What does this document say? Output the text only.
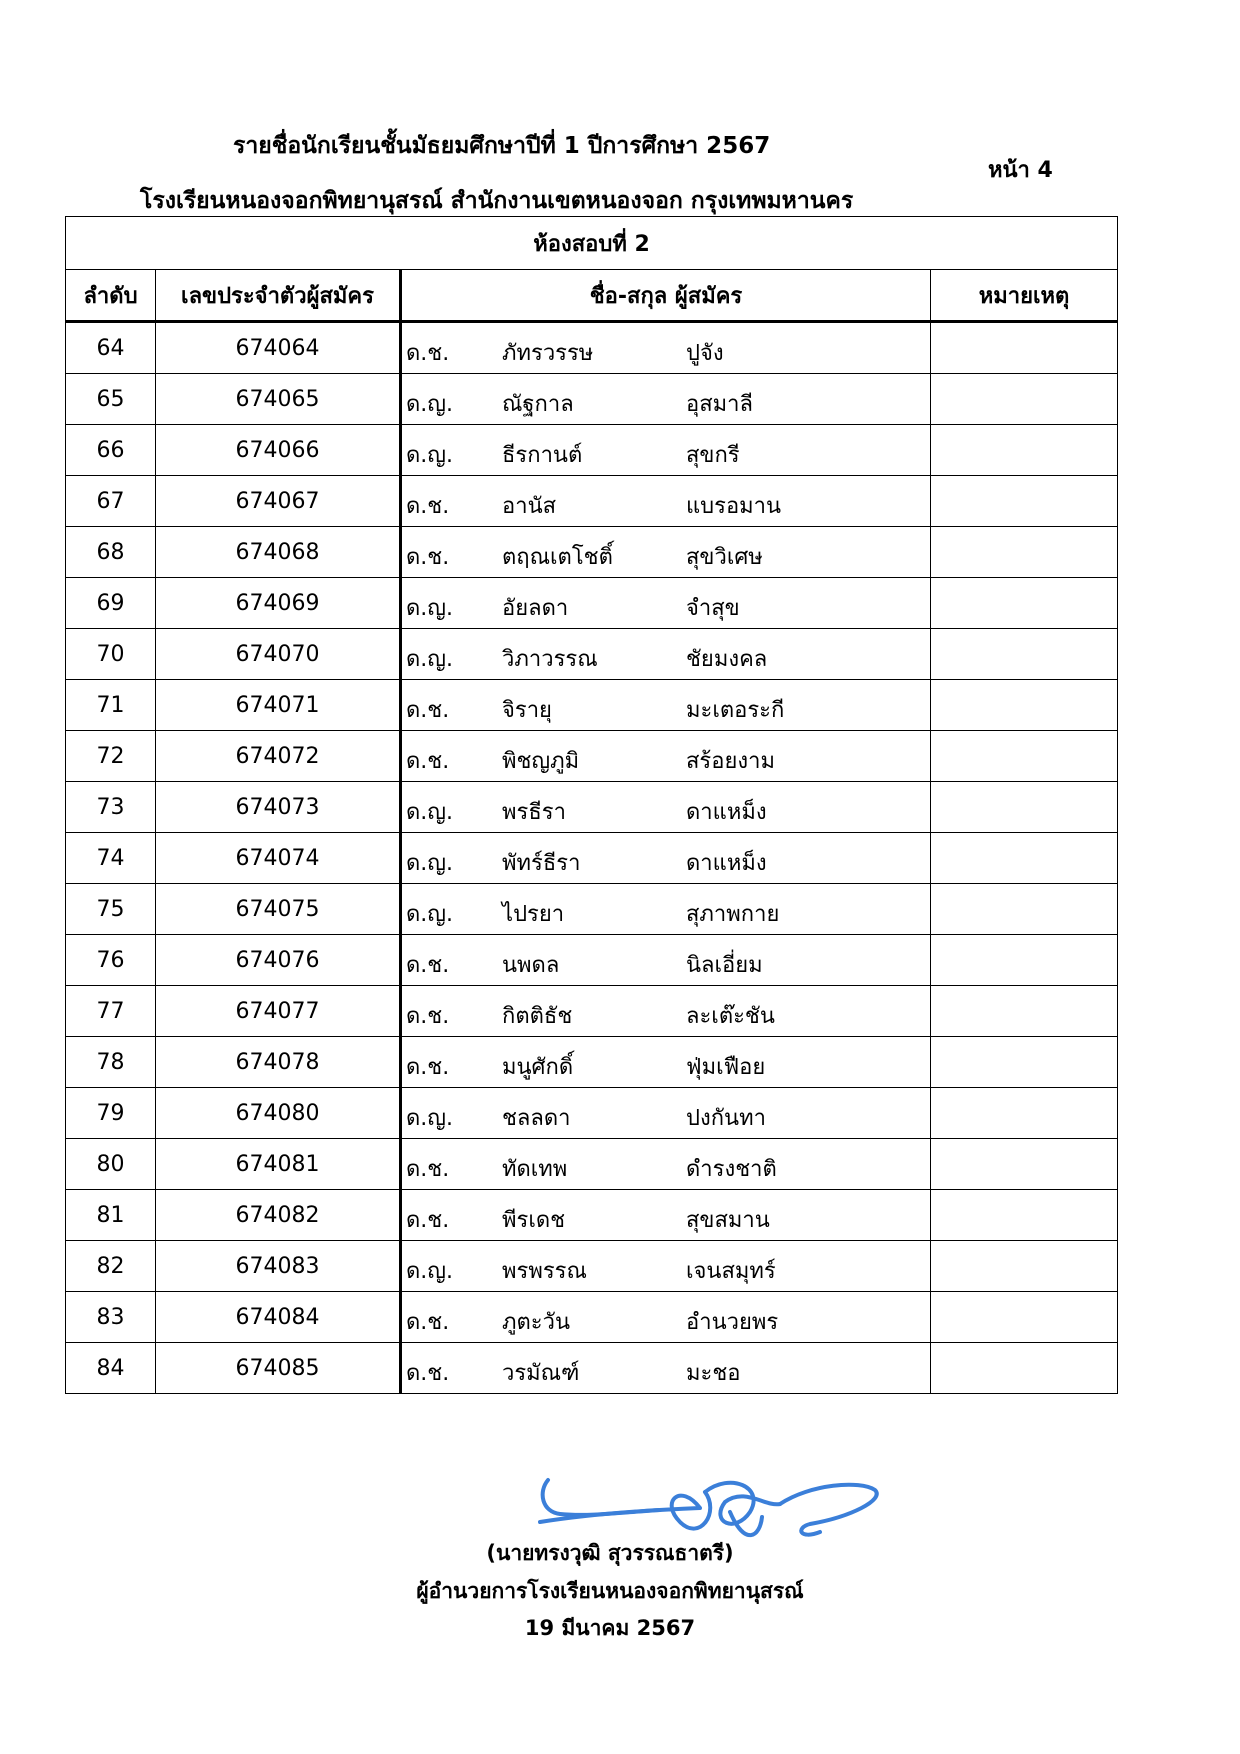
รายชื่อนักเรียนชั้นมัธยมศึกษาปีที่ 1 ปีการศึกษา 2567
โรงเรียนหนองจอกพิทยานุสรณ์ สำนักงานเขตหนองจอก กรุงเทพมหานคร
หน้า 4
ห้องสอบที่ 2			
ลำดับ	เลขประจำตัวผู้สมัคร	ชื่อ-สกุล ผู้สมัคร	หมายเหตุ
64	674064	ด.ช. ภัทรวรรษ ปูจัง	

65	674065	ด.ญ. ณัฐกาล อุสมาลี	

66	674066	ด.ญ. ธีรกานต์ สุขกรี	

67	674067	ด.ช. อานัส แบรอมาน	

68	674068	ด.ช. ตฤณเตโชติ์ สุขวิเศษ	

69	674069	ด.ญ. อัยลดา จำสุข	

70	674070	ด.ญ. วิภาวรรณ ชัยมงคล	

71	674071	ด.ช. จิรายุ มะเตอระกี	

72	674072	ด.ช. พิชญภูมิ สร้อยงาม	

73	674073	ด.ญ. พรธีรา ดาแหม็ง	

74	674074	ด.ญ. พัทร์ธีรา ดาแหม็ง	

75	674075	ด.ญ. ไปรยา สุภาพกาย	

76	674076	ด.ช. นพดล นิลเอี่ยม	

77	674077	ด.ช. กิตติธัช ละเต๊ะชัน	

78	674078	ด.ช. มนูศักดิ์ ฟุ่มเฟือย	

79	674080	ด.ญ. ชลลดา ปงกันทา	

80	674081	ด.ช. ทัดเทพ ดำรงชาติ	

81	674082	ด.ช. พีรเดช สุขสมาน	

82	674083	ด.ญ. พรพรรณ เจนสมุทร์	

83	674084	ด.ช. ภูตะวัน อำนวยพร	

84	674085	ด.ช. วรมัณฑ์ มะชอ	

(นายทรงวุฒิ สุวรรณธาตรี)
ผู้อำนวยการโรงเรียนหนองจอกพิทยานุสรณ์
19 มีนาคม 2567
